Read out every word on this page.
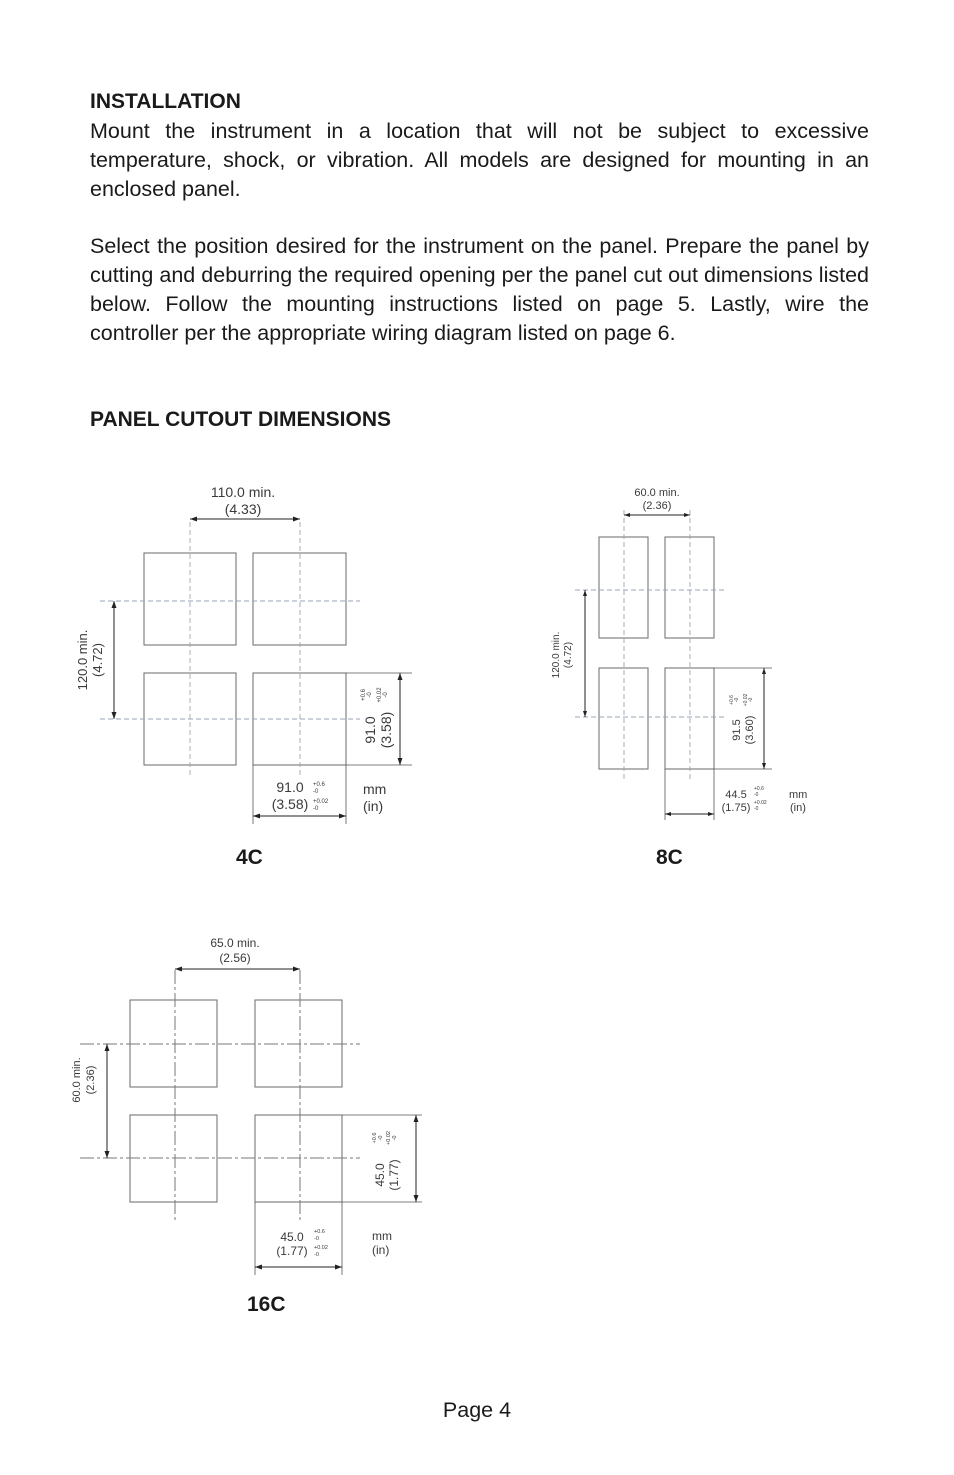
INSTALLATION

Mount the instrument in a location that will not be subject to excessive temperature, shock, or vibration. All models are designed for mounting in an enclosed panel.

Select the position desired for the instrument on the panel. Prepare the panel by cutting and deburring the required opening per the panel cut out dimensions listed below. Follow the mounting instructions listed on page 5. Lastly, wire the controller per the appropriate wiring diagram listed on page 6.

PANEL CUTOUT DIMENSIONS
110.0 min.
(4.33)
120.0 min. (4.72)
91.0 (3.58)
+0.6 -0 +0.02 -0
91.0
(3.58)
+0.6
-0
+0.02
-0
mm
(in)

4C

60.0 min.
(2.36)
120.0 min. (4.72)
91.5 (3.60)
+0.6 -0 +0.02 -0
44.5
(1.75)
+0.6
-0
+0.02
-0
mm
(in)

8C

65.0 min.
(2.56)
60.0 min. (2.36)
45.0 (1.77)
+0.6 -0 +0.02 -0
45.0
(1.77)
+0.6
-0
+0.02
-0
mm
(in)

16C

Page 4
